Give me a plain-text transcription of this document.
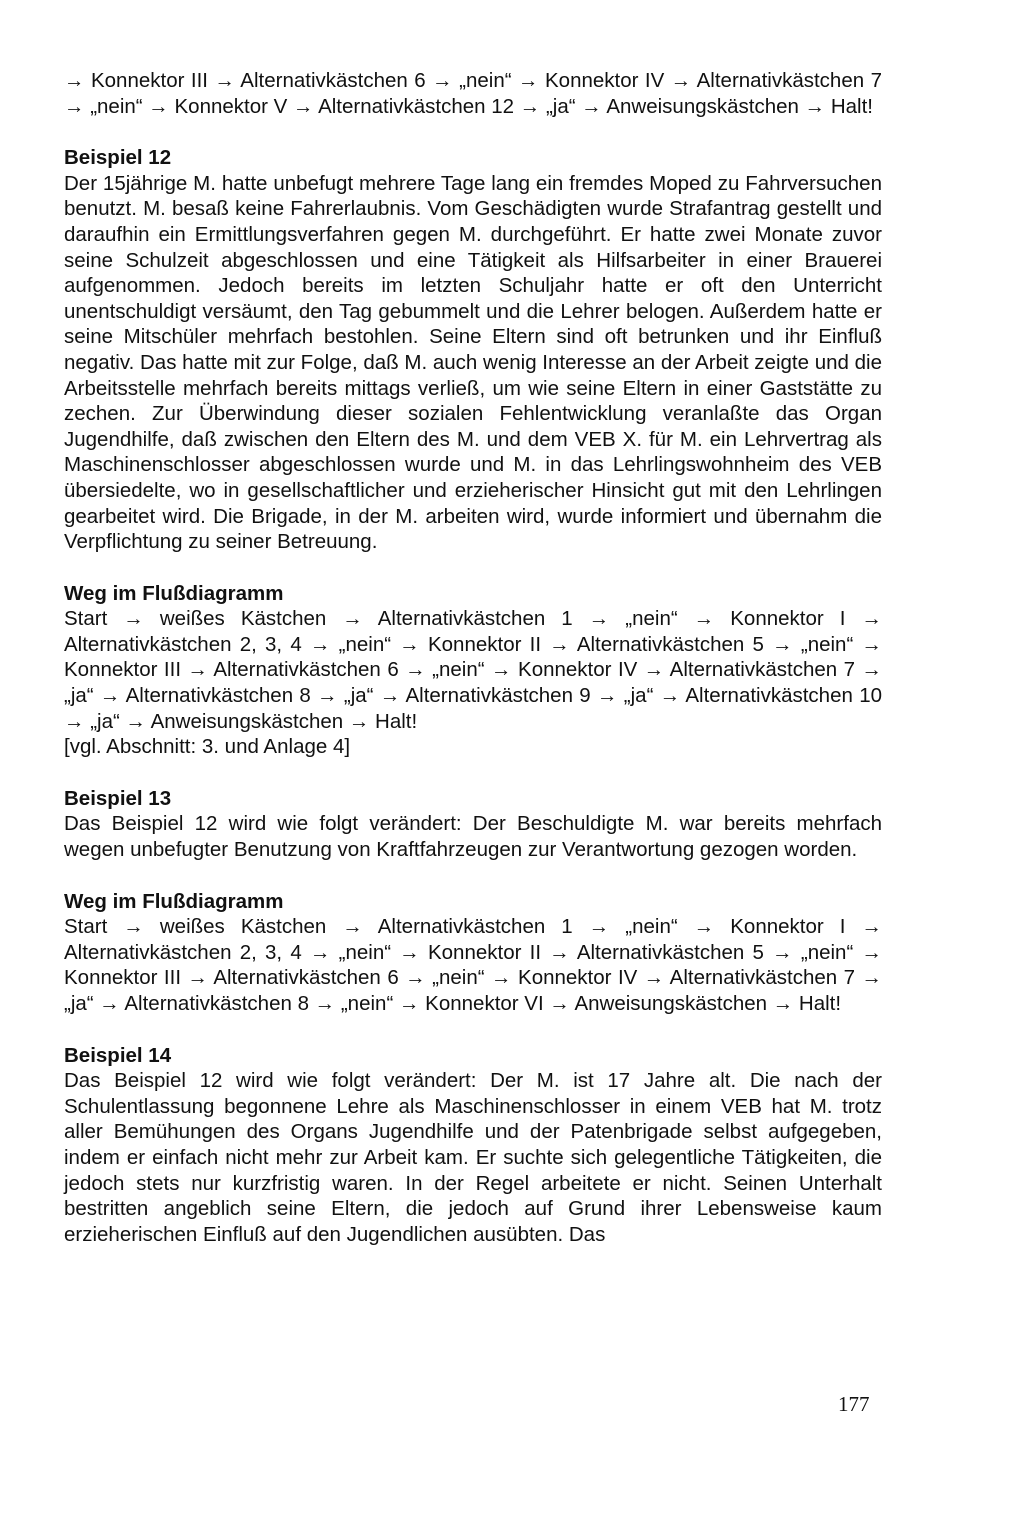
→ Konnektor III → Alternativkästchen 6 → „nein“ → Konnektor IV → Alternativkästchen 7 → „nein“ → Konnektor V → Alternativkästchen 12 → „ja“ → Anweisungskästchen → Halt!

Beispiel 12

Der 15jährige M. hatte unbefugt mehrere Tage lang ein fremdes Moped zu Fahrversuchen benutzt. M. besaß keine Fahrerlaubnis. Vom Geschädigten wurde Strafantrag gestellt und daraufhin ein Ermittlungsverfahren gegen M. durchgeführt. Er hatte zwei Monate zuvor seine Schulzeit abgeschlossen und eine Tätigkeit als Hilfsarbeiter in einer Brauerei aufgenommen. Jedoch bereits im letzten Schuljahr hatte er oft den Unterricht unentschuldigt versäumt, den Tag gebummelt und die Lehrer belogen. Außerdem hatte er seine Mitschüler mehrfach bestohlen. Seine Eltern sind oft betrunken und ihr Einfluß negativ. Das hatte mit zur Folge, daß M. auch wenig Interesse an der Arbeit zeigte und die Arbeitsstelle mehrfach bereits mittags verließ, um wie seine Eltern in einer Gaststätte zu zechen. Zur Überwindung dieser sozialen Fehlentwicklung veranlaßte das Organ Jugendhilfe, daß zwischen den Eltern des M. und dem VEB X. für M. ein Lehrvertrag als Maschinenschlosser abgeschlossen wurde und M. in das Lehrlingswohnheim des VEB übersiedelte, wo in gesellschaftlicher und erzieherischer Hinsicht gut mit den Lehrlingen gearbeitet wird. Die Brigade, in der M. arbeiten wird, wurde informiert und übernahm die Verpflichtung zu seiner Betreuung.

Weg im Flußdiagramm

Start → weißes Kästchen → Alternativkästchen 1 → „nein“ → Konnektor I → Alternativkästchen 2, 3, 4 → „nein“ → Konnektor II → Alternativkästchen 5 → „nein“ → Konnektor III → Alternativkästchen 6 → „nein“ → Konnektor IV → Alternativkästchen 7 → „ja“ → Alternativkästchen 8 → „ja“ → Alternativkästchen 9 → „ja“ → Alternativkästchen 10 → „ja“ → Anweisungskästchen → Halt!

[vgl. Abschnitt: 3. und Anlage 4]

Beispiel 13

Das Beispiel 12 wird wie folgt verändert: Der Beschuldigte M. war bereits mehrfach wegen unbefugter Benutzung von Kraftfahrzeugen zur Verantwortung gezogen worden.

Weg im Flußdiagramm

Start → weißes Kästchen → Alternativkästchen 1 → „nein“ → Konnektor I → Alternativkästchen 2, 3, 4 → „nein“ → Konnektor II → Alternativkästchen 5 → „nein“ → Konnektor III → Alternativkästchen 6 → „nein“ → Konnektor IV → Alternativkästchen 7 → „ja“ → Alternativkästchen 8 → „nein“ → Konnektor VI → Anweisungskästchen → Halt!

Beispiel 14

Das Beispiel 12 wird wie folgt verändert: Der M. ist 17 Jahre alt. Die nach der Schulentlassung begonnene Lehre als Maschinenschlosser in einem VEB hat M. trotz aller Bemühungen des Organs Jugendhilfe und der Patenbrigade selbst aufgegeben, indem er einfach nicht mehr zur Arbeit kam. Er suchte sich gelegentliche Tätigkeiten, die jedoch stets nur kurzfristig waren. In der Regel arbeitete er nicht. Seinen Unterhalt bestritten angeblich seine Eltern, die jedoch auf Grund ihrer Lebensweise kaum erzieherischen Einfluß auf den Jugendlichen ausübten. Das

177
